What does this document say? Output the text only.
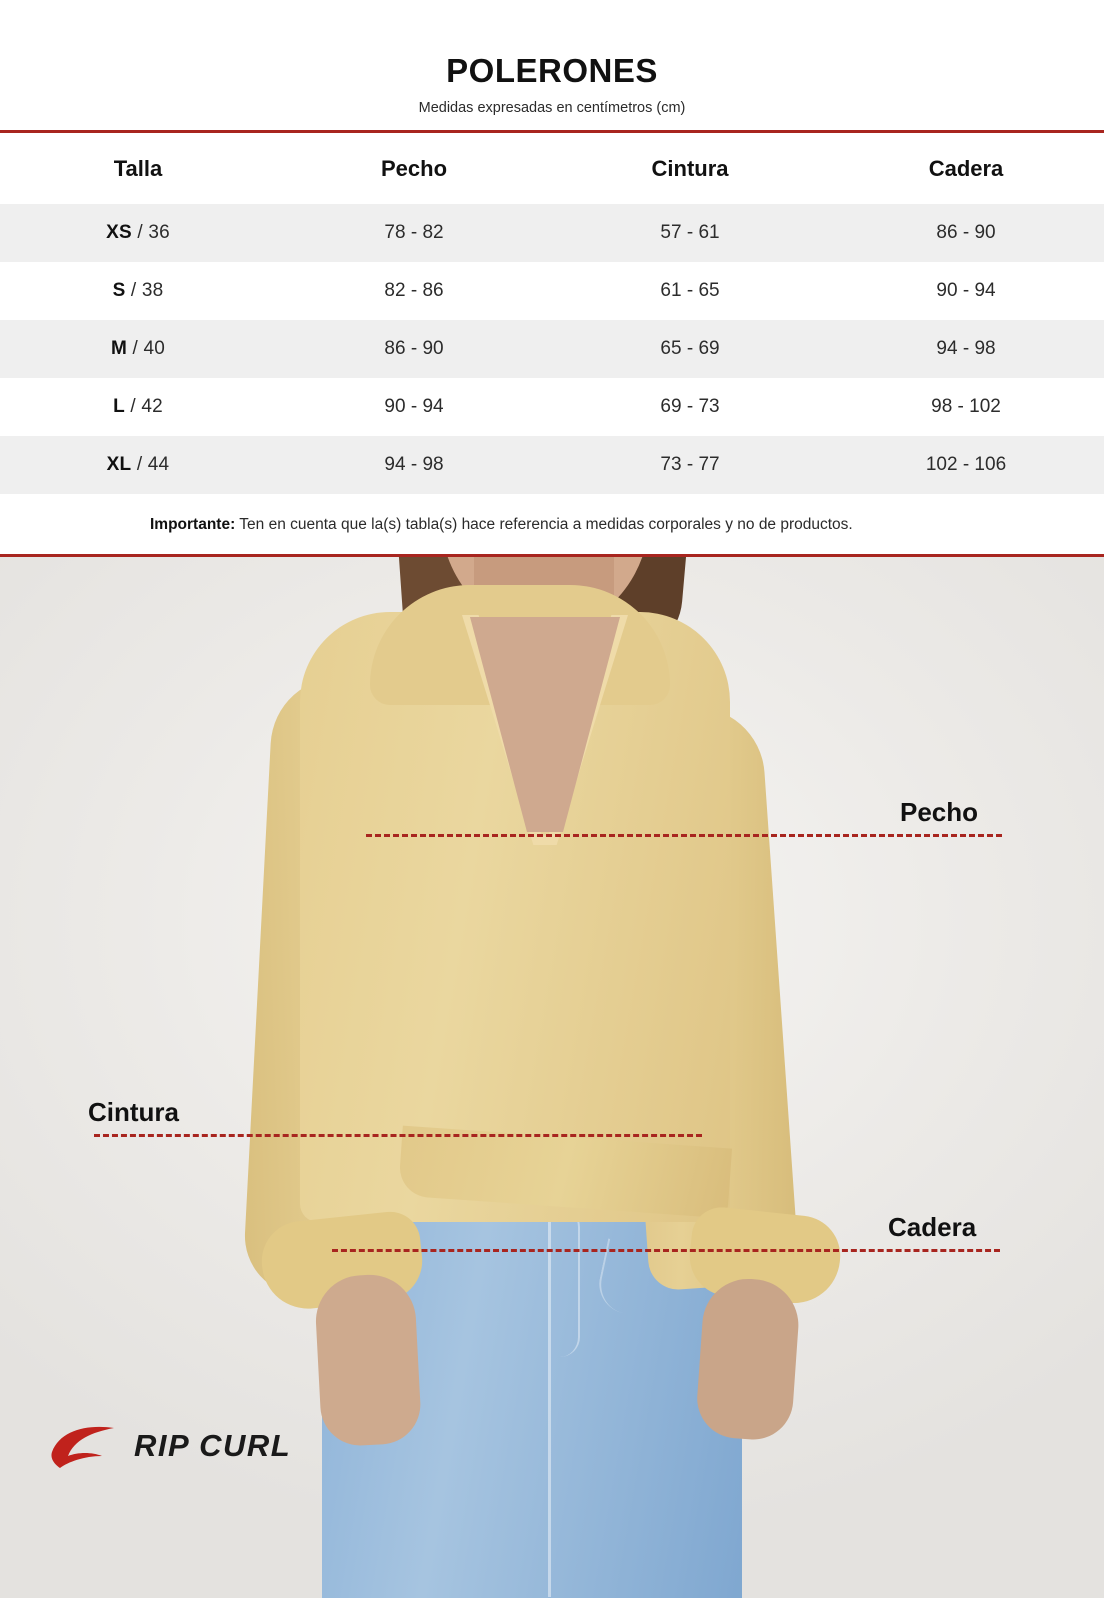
POLERONES

Medidas expresadas en centímetros (cm)

Talla	Pecho	Cintura	Cadera
XS / 36	78 - 82	57 - 61	86 - 90
S / 38	82 - 86	61 - 65	90 - 94
M / 40	86 - 90	65 - 69	94 - 98
L / 42	90 - 94	69 - 73	98 - 102
XL / 44	94 - 98	73 - 77	102 - 106
Importante: Ten en cuenta que la(s) tabla(s) hace referencia a medidas corporales y no de productos.
Pecho
Cintura
Cadera
RIP CURL
